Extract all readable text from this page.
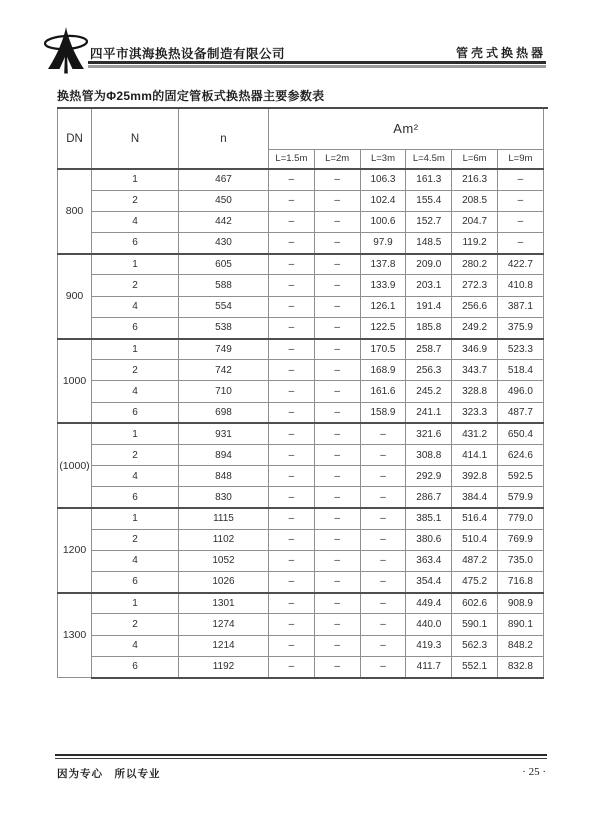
四平市淇海换热设备制造有限公司	管壳式换热器
换热管为Φ25mm的固定管板式换热器主要参数表
DN	N	n	Am²					
			L=1.5m	L=2m	L=3m	L=4.5m	L=6m	L=9m
800	1	467	–	–	106.3	161.3	216.3	–
	2	450	–	–	102.4	155.4	208.5	–
	4	442	–	–	100.6	152.7	204.7	–
	6	430	–	–	97.9	148.5	119.2	–
900	1	605	–	–	137.8	209.0	280.2	422.7
	2	588	–	–	133.9	203.1	272.3	410.8
	4	554	–	–	126.1	191.4	256.6	387.1
	6	538	–	–	122.5	185.8	249.2	375.9
1000	1	749	–	–	170.5	258.7	346.9	523.3
	2	742	–	–	168.9	256.3	343.7	518.4
	4	710	–	–	161.6	245.2	328.8	496.0
	6	698	–	–	158.9	241.1	323.3	487.7
(1000)	1	931	–	–	–	321.6	431.2	650.4
	2	894	–	–	–	308.8	414.1	624.6
	4	848	–	–	–	292.9	392.8	592.5
	6	830	–	–	–	286.7	384.4	579.9
1200	1	1115	–	–	–	385.1	516.4	779.0
	2	1102	–	–	–	380.6	510.4	769.9
	4	1052	–	–	–	363.4	487.2	735.0
	6	1026	–	–	–	354.4	475.2	716.8
1300	1	1301	–	–	–	449.4	602.6	908.9
	2	1274	–	–	–	440.0	590.1	890.1
	4	1214	–	–	–	419.3	562.3	848.2
	6	1192	–	–	–	411.7	552.1	832.8
因为专心　所以专业	· 25 ·
